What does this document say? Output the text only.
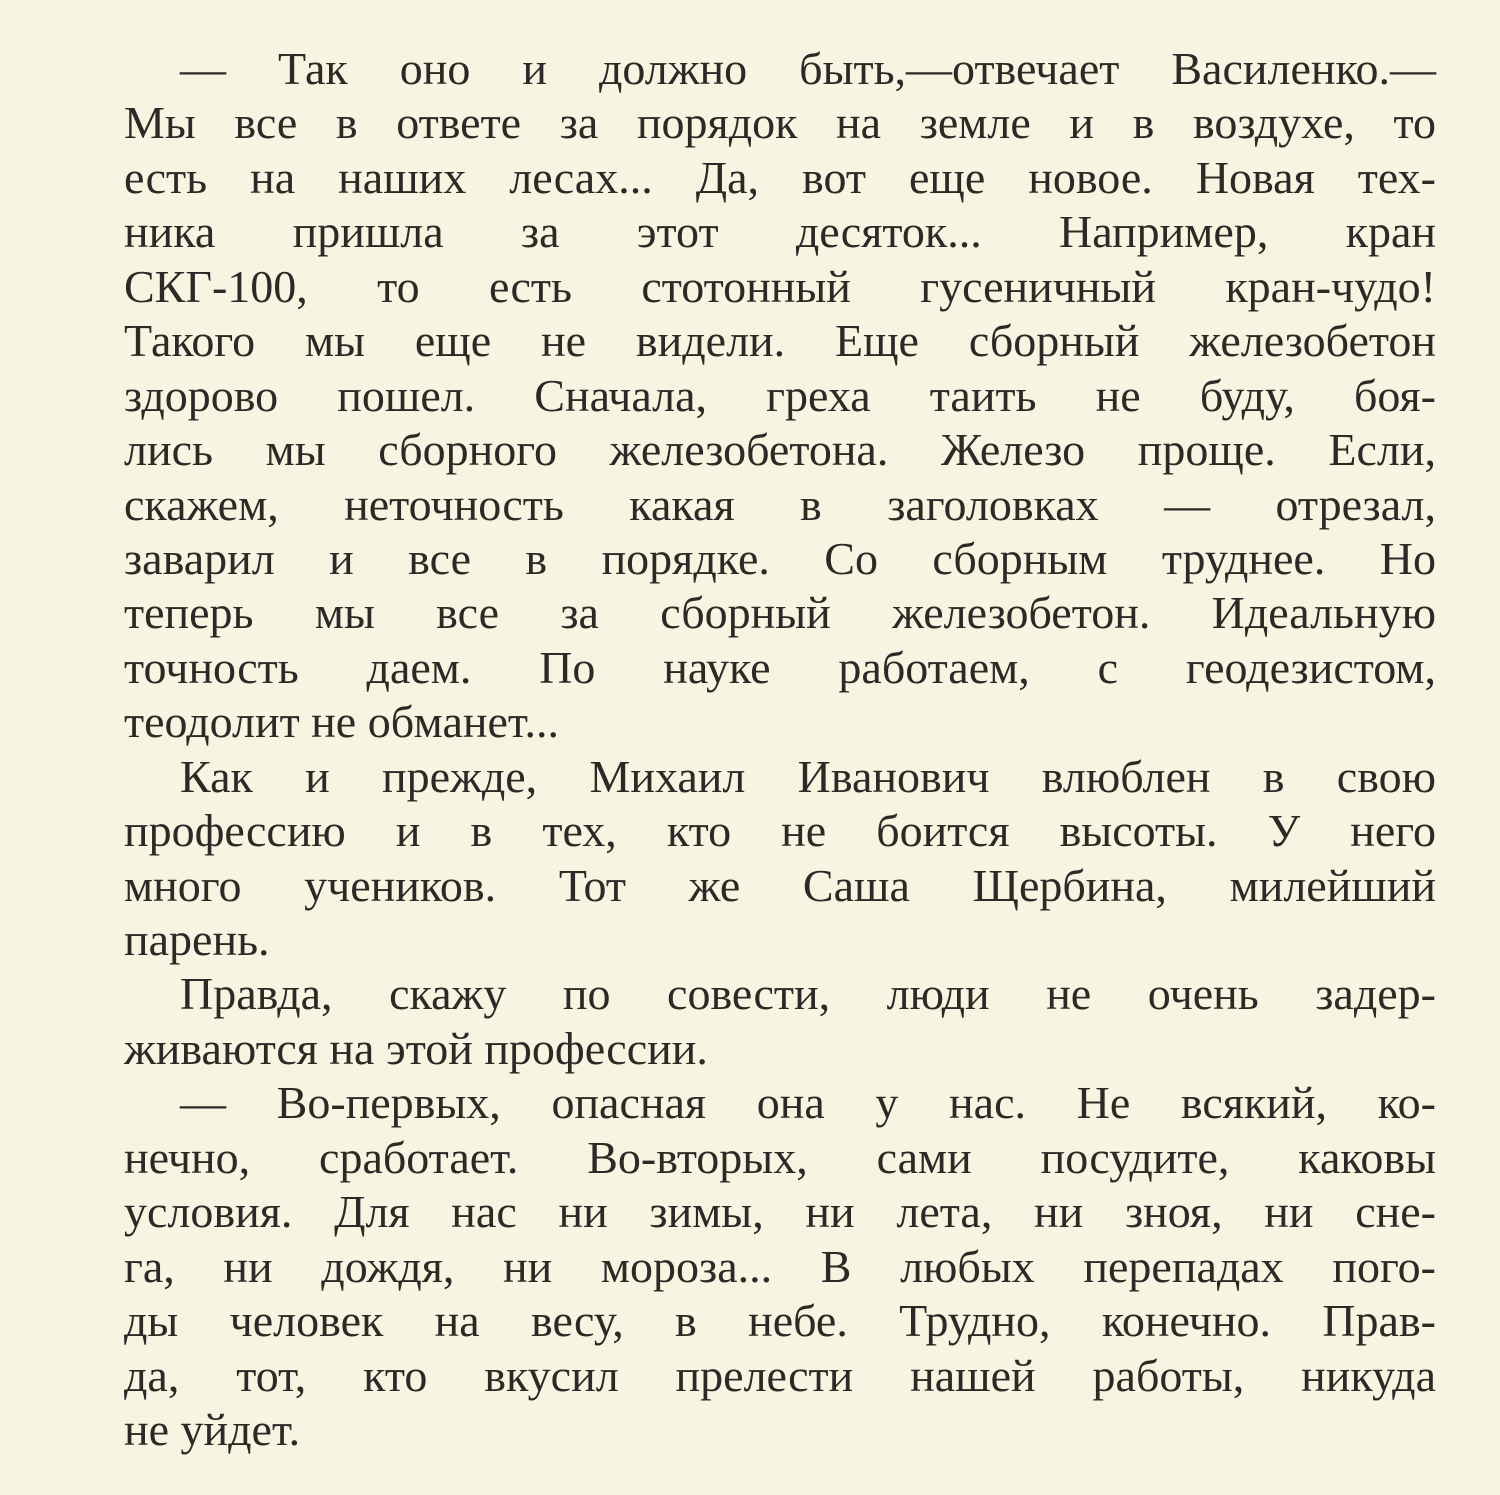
— Так оно и должно быть,—отвечает Василенко.—
Мы все в ответе за порядок на земле и в воздухе, то
есть на наших лесах... Да, вот еще новое. Новая тех-
ника пришла за этот десяток... Например, кран
СКГ-100, то есть стотонный гусеничный кран-чудо!
Такого мы еще не видели. Еще сборный железобетон
здорово пошел. Сначала, греха таить не буду, боя-
лись мы сборного железобетона. Железо проще. Если,
скажем, неточность какая в заголовках — отрезал,
заварил и все в порядке. Со сборным труднее. Но
теперь мы все за сборный железобетон. Идеальную
точность даем. По науке работаем, с геодезистом,
теодолит не обманет...
Как и прежде, Михаил Иванович влюблен в свою
профессию и в тех, кто не боится высоты. У него
много учеников. Тот же Саша Щербина, милейший
парень.
Правда, скажу по совести, люди не очень задер-
живаются на этой профессии.
— Во-первых, опасная она у нас. Не всякий, ко-
нечно, сработает. Во-вторых, сами посудите, каковы
условия. Для нас ни зимы, ни лета, ни зноя, ни сне-
га, ни дождя, ни мороза... В любых перепадах пого-
ды человек на весу, в небе. Трудно, конечно. Прав-
да, тот, кто вкусил прелести нашей работы, никуда
не уйдет.
